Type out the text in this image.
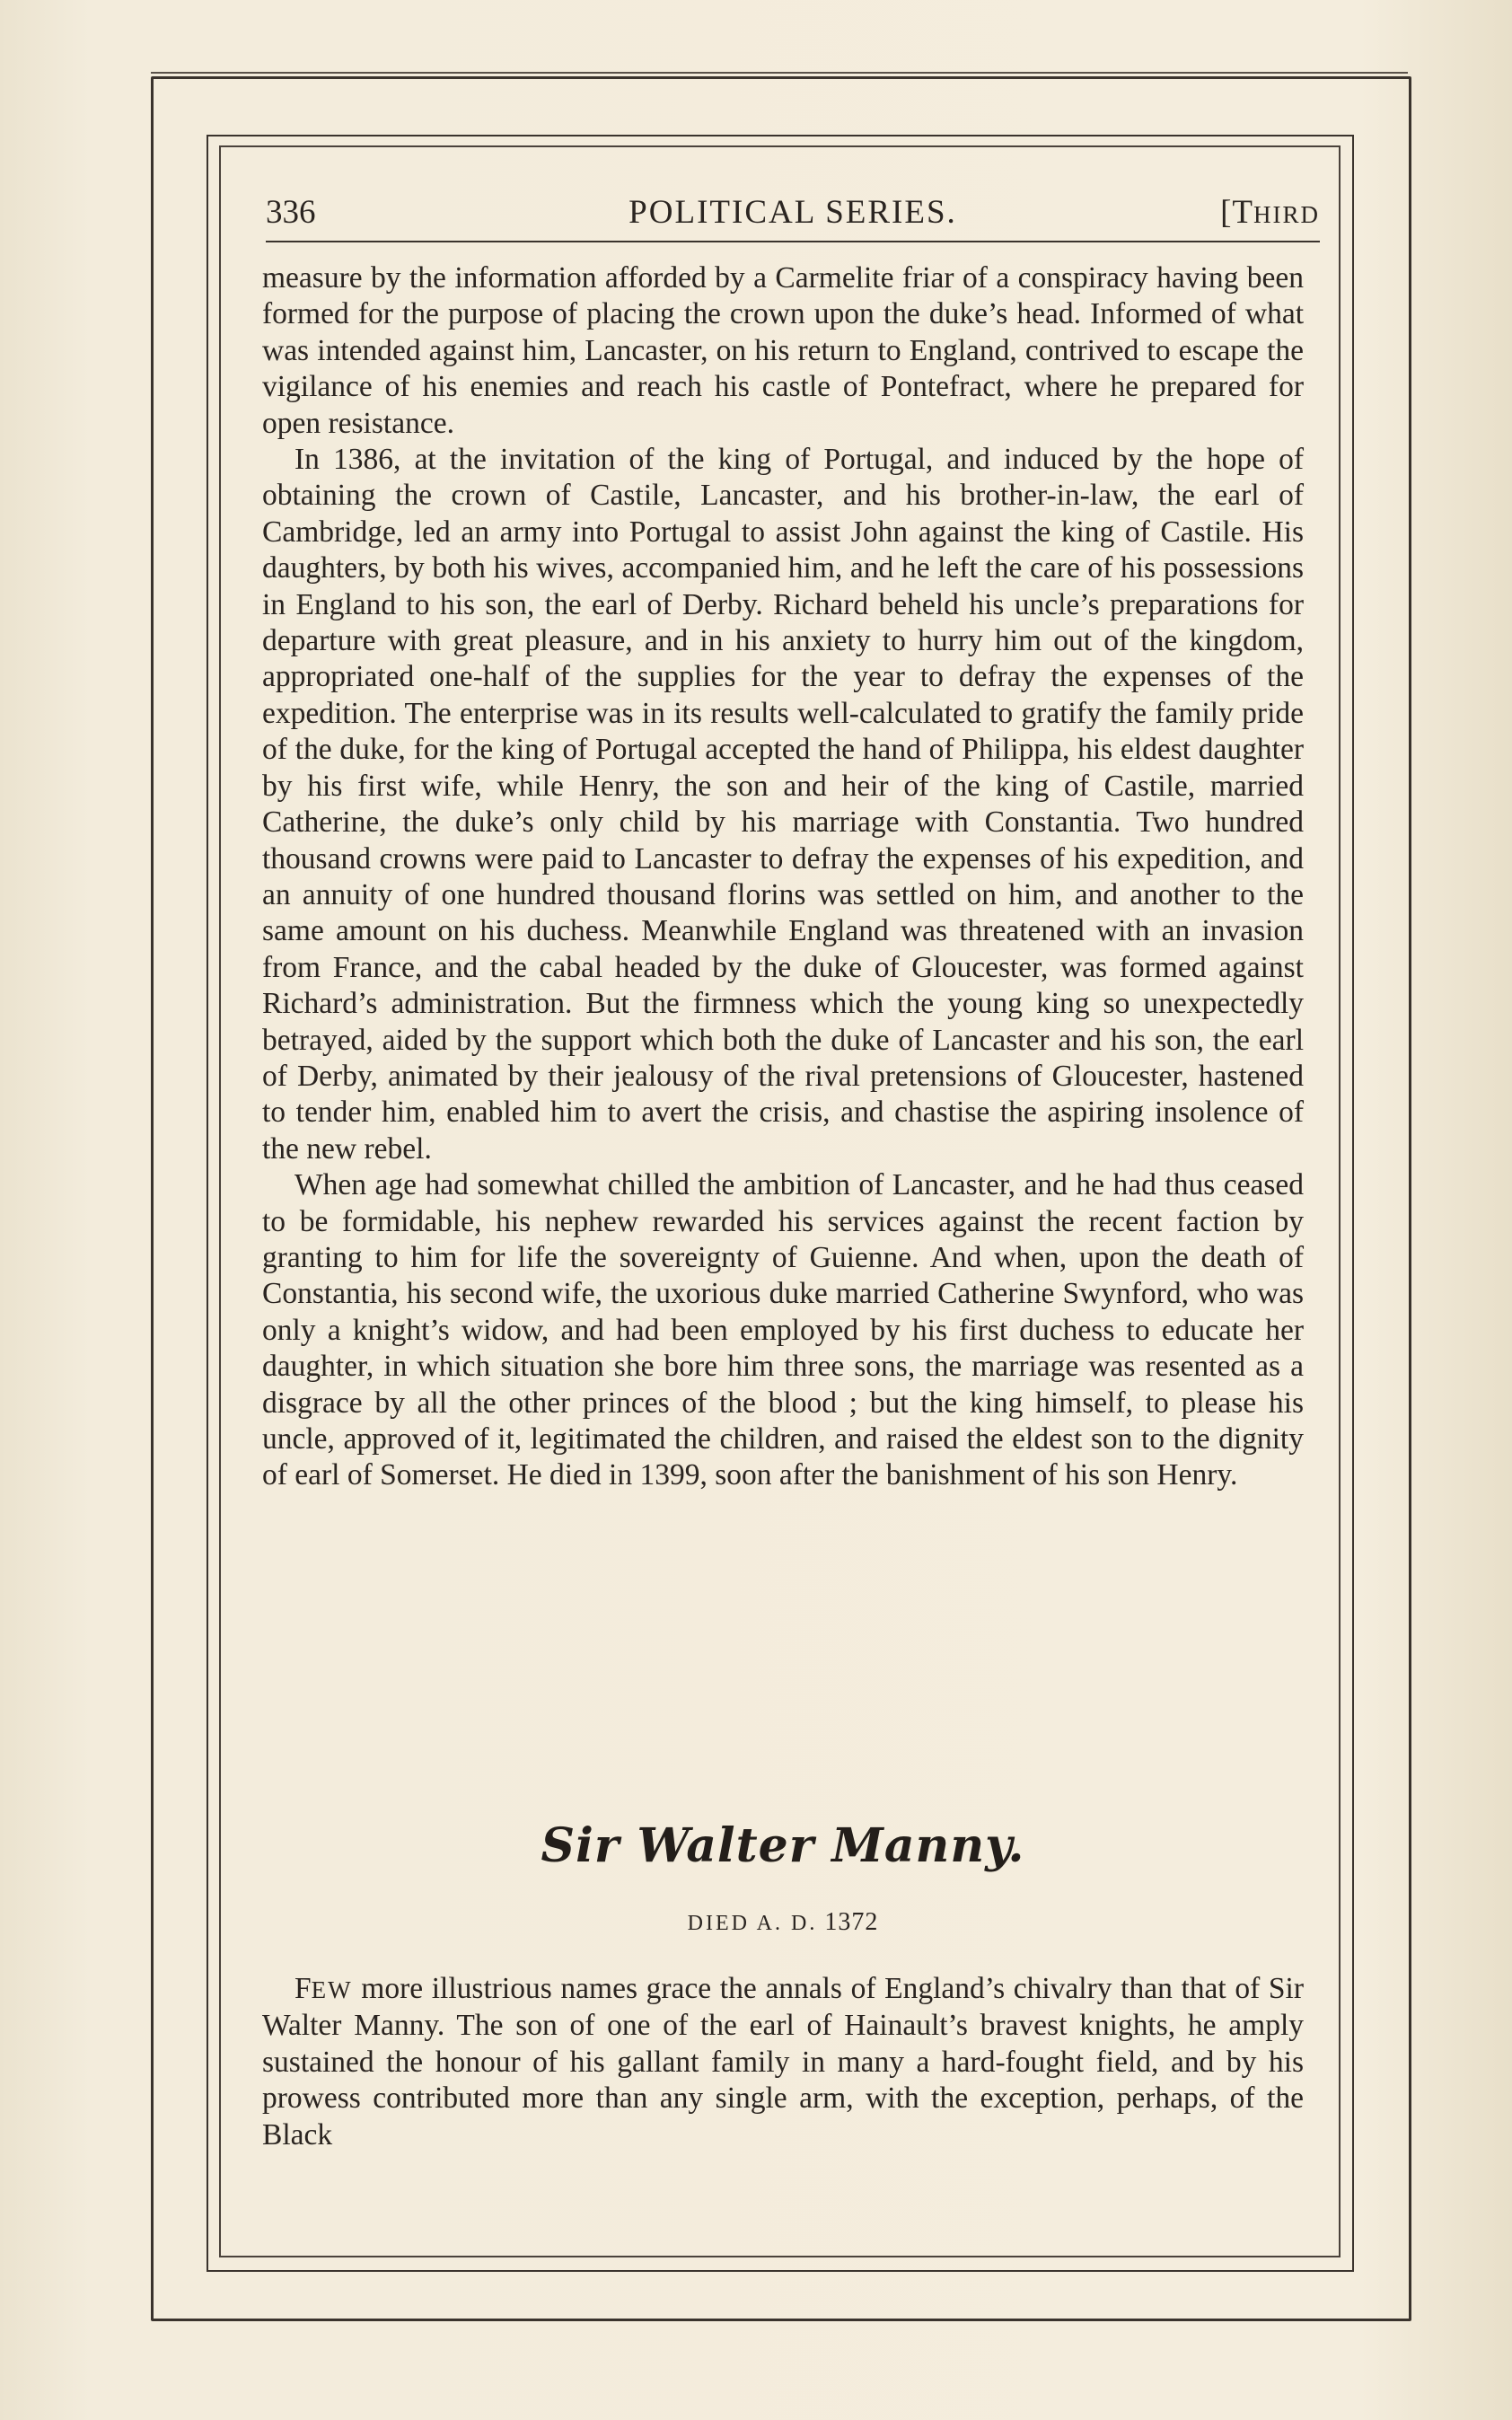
336	POLITICAL SERIES.	[THIRD

measure by the information afforded by a Carmelite friar of a conspiracy having been formed for the purpose of placing the crown upon the duke’s head. Informed of what was intended against him, Lancaster, on his return to England, contrived to escape the vigilance of his enemies and reach his castle of Pontefract, where he prepared for open resistance.

In 1386, at the invitation of the king of Portugal, and induced by the hope of obtaining the crown of Castile, Lancaster, and his brother-in-law, the earl of Cambridge, led an army into Portugal to assist John against the king of Castile. His daughters, by both his wives, accompanied him, and he left the care of his possessions in England to his son, the earl of Derby. Richard beheld his uncle’s preparations for departure with great pleasure, and in his anxiety to hurry him out of the kingdom, appropriated one-half of the supplies for the year to defray the expenses of the expedition. The enterprise was in its results well-calculated to gratify the family pride of the duke, for the king of Portugal accepted the hand of Philippa, his eldest daughter by his first wife, while Henry, the son and heir of the king of Castile, married Catherine, the duke’s only child by his marriage with Constantia. Two hundred thousand crowns were paid to Lancaster to defray the expenses of his expedition, and an annuity of one hundred thousand florins was settled on him, and another to the same amount on his duchess. Meanwhile England was threatened with an invasion from France, and the cabal headed by the duke of Gloucester, was formed against Richard’s administration. But the firmness which the young king so unexpectedly betrayed, aided by the support which both the duke of Lancaster and his son, the earl of Derby, animated by their jealousy of the rival pretensions of Gloucester, hastened to tender him, enabled him to avert the crisis, and chastise the aspiring insolence of the new rebel.

When age had somewhat chilled the ambition of Lancaster, and he had thus ceased to be formidable, his nephew rewarded his services against the recent faction by granting to him for life the sovereignty of Guienne. And when, upon the death of Constantia, his second wife, the uxorious duke married Catherine Swynford, who was only a knight’s widow, and had been employed by his first duchess to educate her daughter, in which situation she bore him three sons, the marriage was resented as a disgrace by all the other princes of the blood ; but the king himself, to please his uncle, approved of it, legitimated the children, and raised the eldest son to the dignity of earl of Somerset. He died in 1399, soon after the banishment of his son Henry.

Sir Walter Manny.
DIED A. D. 1372

FEW more illustrious names grace the annals of England’s chivalry than that of Sir Walter Manny. The son of one of the earl of Hainault’s bravest knights, he amply sustained the honour of his gallant family in many a hard-fought field, and by his prowess contributed more than any single arm, with the exception, perhaps, of the Black
